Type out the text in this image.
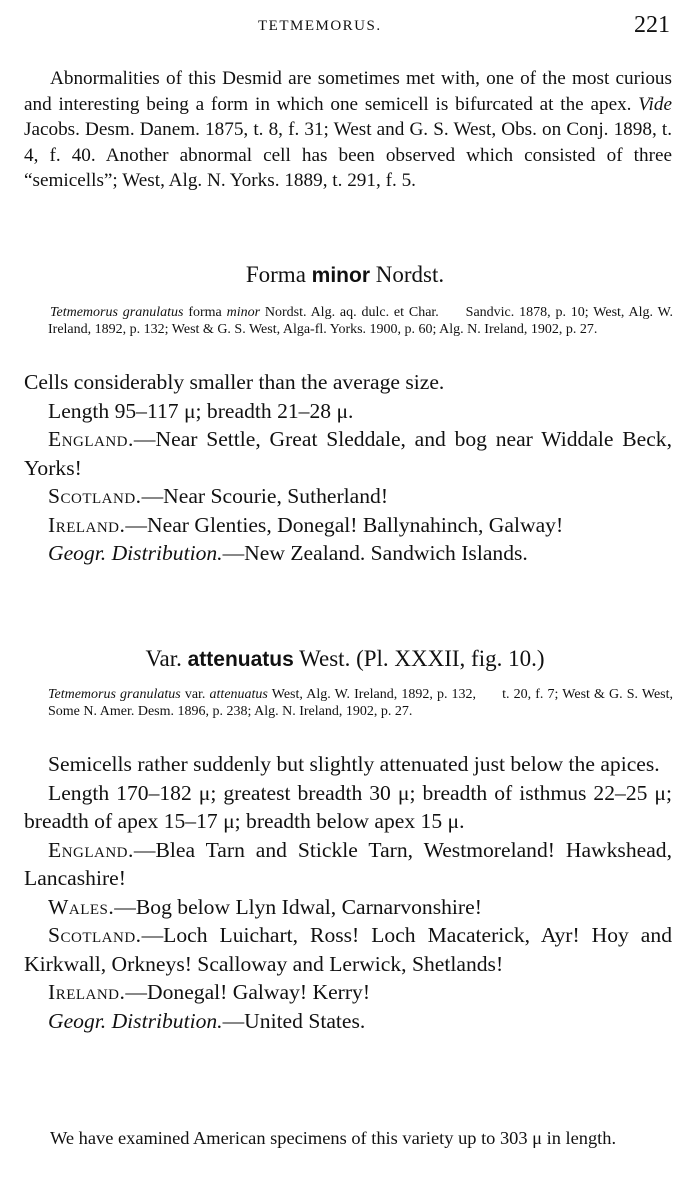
TETMEMORUS.	221
Abnormalities of this Desmid are sometimes met with, one of the most curious and interesting being a form in which one semicell is bifurcated at the apex. Vide Jacobs. Desm. Danem. 1875, t. 8, f. 31; West and G. S. West, Obs. on Conj. 1898, t. 4, f. 40. Another abnormal cell has been observed which consisted of three “semicells”; West, Alg. N. Yorks. 1889, t. 291, f. 5.
Forma minor Nordst.
Tetmemorus granulatus forma minor Nordst. Alg. aq. dulc. et Char. Sandvic. 1878, p. 10; West, Alg. W. Ireland, 1892, p. 132; West & G. S. West, Alga-fl. Yorks. 1900, p. 60; Alg. N. Ireland, 1902, p. 27.

Cells considerably smaller than the average size.

Length 95–117 μ; breadth 21–28 μ.

England.—Near Settle, Great Sleddale, and bog near Widdale Beck, Yorks!

Scotland.—Near Scourie, Sutherland!

Ireland.—Near Glenties, Donegal! Ballynahinch, Galway!

Geogr. Distribution.—New Zealand. Sandwich Islands.

Var. attenuatus West. (Pl. XXXII, fig. 10.)
Tetmemorus granulatus var. attenuatus West, Alg. W. Ireland, 1892, p. 132, t. 20, f. 7; West & G. S. West, Some N. Amer. Desm. 1896, p. 238; Alg. N. Ireland, 1902, p. 27.

Semicells rather suddenly but slightly attenuated just below the apices.

Length 170–182 μ; greatest breadth 30 μ; breadth of isthmus 22–25 μ; breadth of apex 15–17 μ; breadth below apex 15 μ.

England.—Blea Tarn and Stickle Tarn, Westmoreland! Hawkshead, Lancashire!

Wales.—Bog below Llyn Idwal, Carnarvonshire!

Scotland.—Loch Luichart, Ross! Loch Macaterick, Ayr! Hoy and Kirkwall, Orkneys! Scalloway and Lerwick, Shetlands!

Ireland.—Donegal! Galway! Kerry!

Geogr. Distribution.—United States.

We have examined American specimens of this variety up to 303 μ in length.
